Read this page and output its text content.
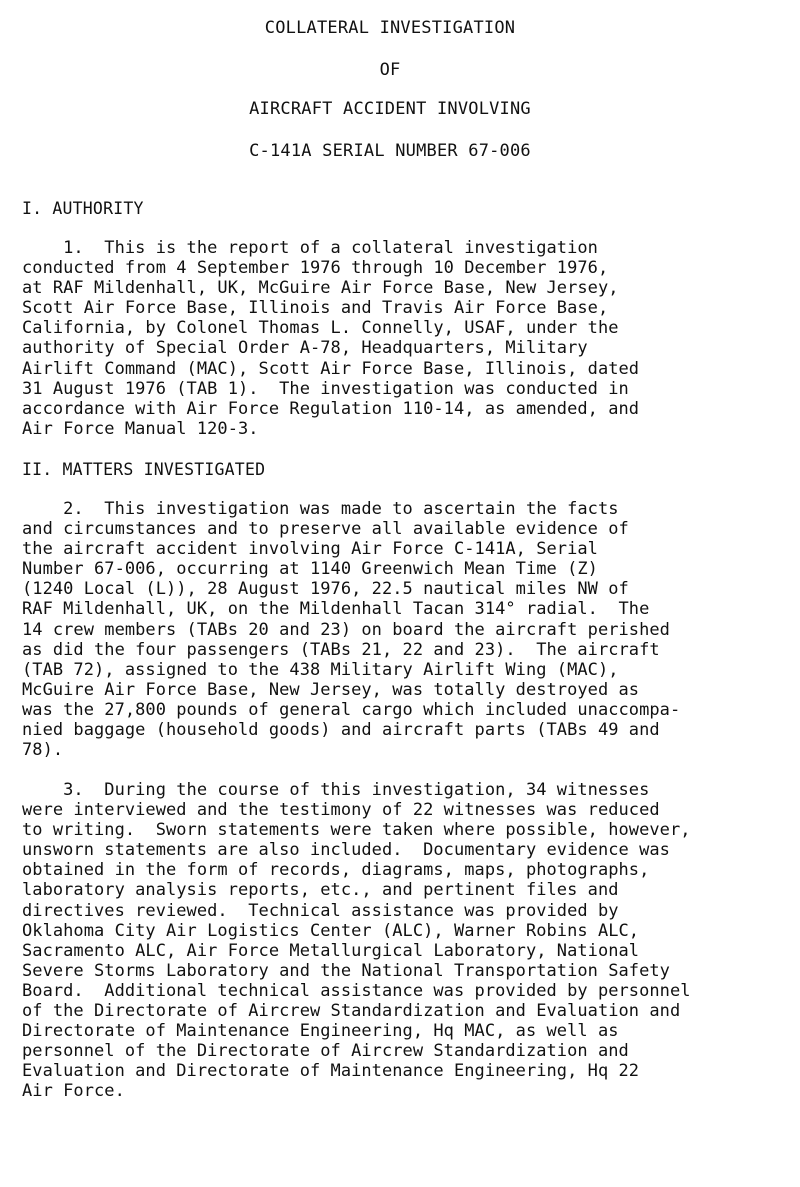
COLLATERAL INVESTIGATION
OF
AIRCRAFT ACCIDENT INVOLVING
C-141A SERIAL NUMBER 67-006
I. AUTHORITY
1.  This is the report of a collateral investigation
conducted from 4 September 1976 through 10 December 1976,
at RAF Mildenhall, UK, McGuire Air Force Base, New Jersey,
Scott Air Force Base, Illinois and Travis Air Force Base,
California, by Colonel Thomas L. Connelly, USAF, under the
authority of Special Order A-78, Headquarters, Military
Airlift Command (MAC), Scott Air Force Base, Illinois, dated
31 August 1976 (TAB 1).  The investigation was conducted in
accordance with Air Force Regulation 110-14, as amended, and
Air Force Manual 120-3.
II. MATTERS INVESTIGATED
2.  This investigation was made to ascertain the facts
and circumstances and to preserve all available evidence of
the aircraft accident involving Air Force C-141A, Serial
Number 67-006, occurring at 1140 Greenwich Mean Time (Z)
(1240 Local (L)), 28 August 1976, 22.5 nautical miles NW of
RAF Mildenhall, UK, on the Mildenhall Tacan 314° radial.  The
14 crew members (TABs 20 and 23) on board the aircraft perished
as did the four passengers (TABs 21, 22 and 23).  The aircraft
(TAB 72), assigned to the 438 Military Airlift Wing (MAC),
McGuire Air Force Base, New Jersey, was totally destroyed as
was the 27,800 pounds of general cargo which included unaccompa-
nied baggage (household goods) and aircraft parts (TABs 49 and
78).
3.  During the course of this investigation, 34 witnesses
were interviewed and the testimony of 22 witnesses was reduced
to writing.  Sworn statements were taken where possible, however,
unsworn statements are also included.  Documentary evidence was
obtained in the form of records, diagrams, maps, photographs,
laboratory analysis reports, etc., and pertinent files and
directives reviewed.  Technical assistance was provided by
Oklahoma City Air Logistics Center (ALC), Warner Robins ALC,
Sacramento ALC, Air Force Metallurgical Laboratory, National
Severe Storms Laboratory and the National Transportation Safety
Board.  Additional technical assistance was provided by personnel
of the Directorate of Aircrew Standardization and Evaluation and
Directorate of Maintenance Engineering, Hq MAC, as well as
personnel of the Directorate of Aircrew Standardization and
Evaluation and Directorate of Maintenance Engineering, Hq 22
Air Force.
